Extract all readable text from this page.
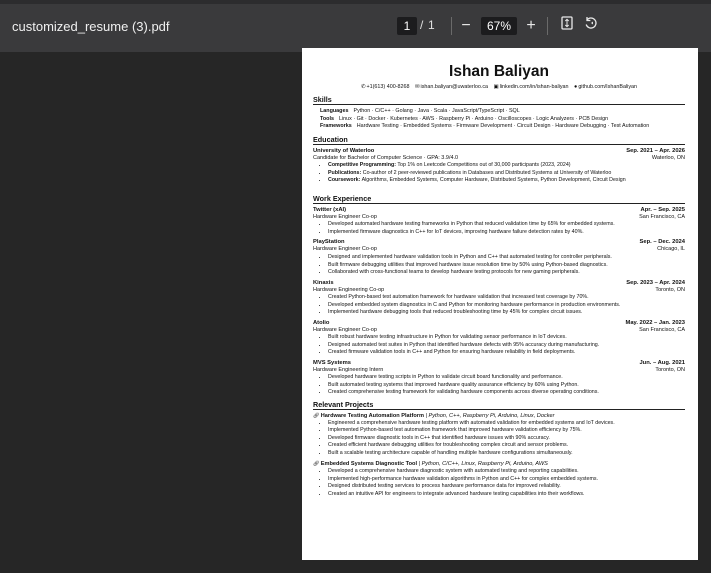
customized_resume (3).pdf	1 / 1	−	67% +
Ishan Baliyan
✆+1(613) 400-8268 ✉ishan.baliyan@uwaterloo.ca ▣linkedin.com/in/ishan-baliyan ●github.com/IshanBaliyan
Skills
Languages Python · C/C++ · Golang · Java · Scala · JavaScript/TypeScript · SQL
Tools Linux · Git · Docker · Kubernetes · AWS · Raspberry Pi · Arduino · Oscilloscopes · Logic Analyzers · PCB Design
Frameworks Hardware Testing · Embedded Systems · Firmware Development · Circuit Design · Hardware Debugging · Test Automation
Education
University of Waterloo	Sep. 2021 – Apr. 2026
Candidate for Bachelor of Computer Science · GPA: 3.9/4.0	Waterloo, ON
• Competitive Programming: Top 1% on Leetcode Competitions out of 30,000 participants (2023, 2024)
• Publications: Co-author of 2 peer-reviewed publications in Databases and Distributed Systems at University of Waterloo
• Coursework: Algorithms, Embedded Systems, Computer Hardware, Distributed Systems, Python Development, Circuit Design
Work Experience
Twitter (xAI)	Apr. – Sep. 2025
Hardware Engineer Co-op	San Francisco, CA
• Developed automated hardware testing frameworks in Python that reduced validation time by 65% for embedded systems.
• Implemented firmware diagnostics in C++ for IoT devices, improving hardware failure detection rates by 40%.
PlayStation	Sep. – Dec. 2024
Hardware Engineer Co-op	Chicago, IL
• Designed and implemented hardware validation tools in Python and C++ that automated testing for controller peripherals.
• Built firmware debugging utilities that improved hardware issue resolution time by 50% using Python-based diagnostics.
• Collaborated with cross-functional teams to develop hardware testing protocols for new gaming peripherals.
Kinaxis	Sep. 2023 – Apr. 2024
Hardware Engineering Co-op	Toronto, ON
• Created Python-based test automation framework for hardware validation that increased test coverage by 70%.
• Developed embedded system diagnostics in C and Python for monitoring hardware performance in production environments.
• Implemented hardware debugging tools that reduced troubleshooting time by 45% for complex circuit issues.
Atolio	May. 2022 – Jan. 2023
Hardware Engineer Co-op	San Francisco, CA
• Built robust hardware testing infrastructure in Python for validating sensor performance in IoT devices.
• Designed automated test suites in Python that identified hardware defects with 95% accuracy during manufacturing.
• Created firmware validation tools in C++ and Python for ensuring hardware reliability in field deployments.
MVS Systems	Jun. – Aug. 2021
Hardware Engineering Intern	Toronto, ON
• Developed hardware testing scripts in Python to validate circuit board functionality and performance.
• Built automated testing systems that improved hardware quality assurance efficiency by 60% using Python.
• Created comprehensive testing framework for validating hardware components across diverse operating conditions.
Relevant Projects
🔗︎ Hardware Testing Automation Platform | Python, C++, Raspberry Pi, Arduino, Linux, Docker
• Engineered a comprehensive hardware testing platform with automated validation for embedded systems and IoT devices.
• Implemented Python-based test automation framework that improved hardware validation efficiency by 75%.
• Developed firmware diagnostic tools in C++ that identified hardware issues with 90% accuracy.
• Created efficient hardware debugging utilities for troubleshooting complex circuit and sensor problems.
• Built a scalable testing architecture capable of handling multiple hardware configurations simultaneously.
🔗︎ Embedded Systems Diagnostic Tool | Python, C/C++, Linux, Raspberry Pi, Arduino, AWS
• Developed a comprehensive hardware diagnostic system with automated testing and reporting capabilities.
• Implemented high-performance hardware validation algorithms in Python and C++ for complex embedded systems.
• Designed distributed testing services to process hardware performance data for improved reliability.
• Created an intuitive API for engineers to integrate advanced hardware testing capabilities into their workflows.
